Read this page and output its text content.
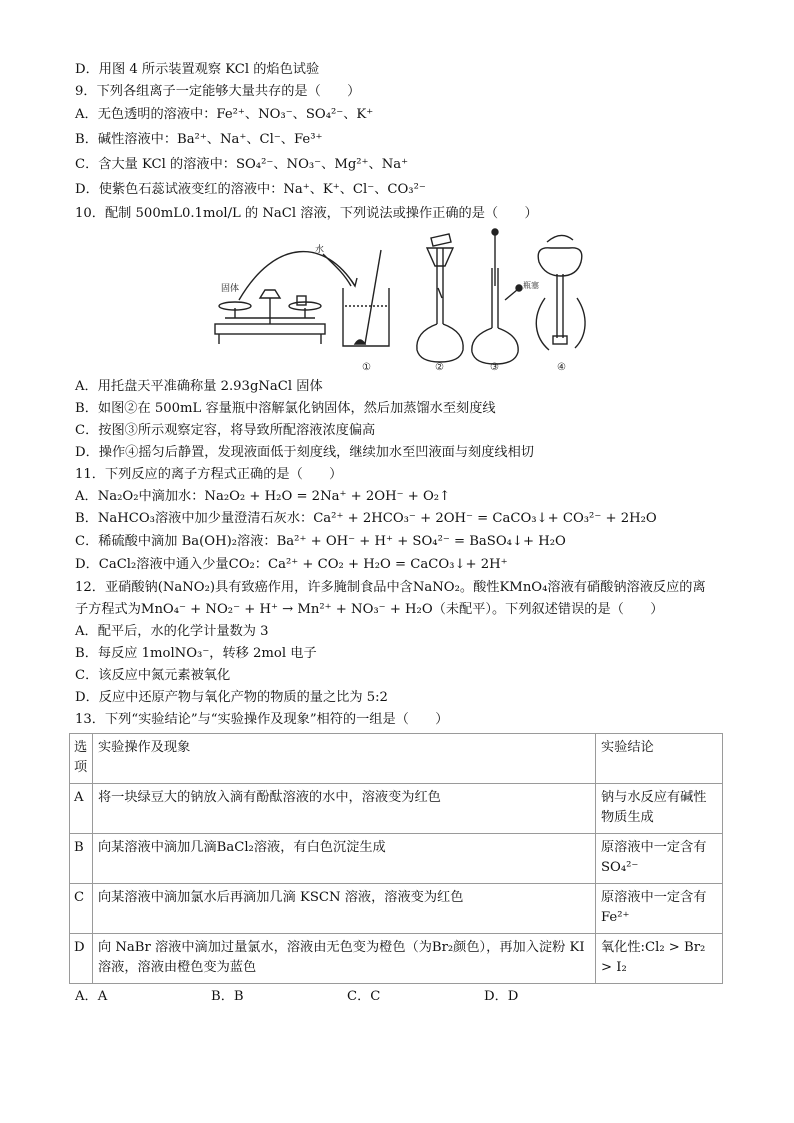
D．用图 4 所示装置观察 KCl 的焰色试验
9．下列各组离子一定能够大量共存的是（　　）
A．无色透明的溶液中：Fe²⁺、NO₃⁻、SO₄²⁻、K⁺
B．碱性溶液中：Ba²⁺、Na⁺、Cl⁻、Fe³⁺
C．含大量 KCl 的溶液中：SO₄²⁻、NO₃⁻、Mg²⁺、Na⁺
D．使紫色石蕊试液变红的溶液中：Na⁺、K⁺、Cl⁻、CO₃²⁻
10．配制 500mL0.1mol/L 的 NaCl 溶液，下列说法或操作正确的是（　　）
固体
水
瓶塞
①	②	③	④
A．用托盘天平准确称量 2.93gNaCl 固体
B．如图②在 500mL 容量瓶中溶解氯化钠固体，然后加蒸馏水至刻度线
C．按图③所示观察定容，将导致所配溶液浓度偏高
D．操作④摇匀后静置，发现液面低于刻度线，继续加水至凹液面与刻度线相切
11．下列反应的离子方程式正确的是（　　）
A．Na₂O₂中滴加水：Na₂O₂ + H₂O = 2Na⁺ + 2OH⁻ + O₂↑
B．NaHCO₃溶液中加少量澄清石灰水：Ca²⁺ + 2HCO₃⁻ + 2OH⁻ = CaCO₃↓+ CO₃²⁻ + 2H₂O
C．稀硫酸中滴加 Ba(OH)₂溶液：Ba²⁺ + OH⁻ + H⁺ + SO₄²⁻ = BaSO₄↓+ H₂O
D．CaCl₂溶液中通入少量CO₂：Ca²⁺ + CO₂ + H₂O = CaCO₃↓+ 2H⁺
12．亚硝酸钠(NaNO₂)具有致癌作用，许多腌制食品中含NaNO₂。酸性KMnO₄溶液有硝酸钠溶液反应的离
子方程式为MnO₄⁻ + NO₂⁻ + H⁺ → Mn²⁺ + NO₃⁻ + H₂O（未配平）。下列叙述错误的是（　　）
A．配平后，水的化学计量数为 3
B．每反应 1molNO₃⁻，转移 2mol 电子
C．该反应中氮元素被氧化
D．反应中还原产物与氧化产物的物质的量之比为 5:2
13．下列“实验结论”与“实验操作及现象”相符的一组是（　　）
选项	实验操作及现象	实验结论
A	将一块绿豆大的钠放入滴有酚酞溶液的水中，溶液变为红色	钠与水反应有碱性物质生成
B	向某溶液中滴加几滴BaCl₂溶液，有白色沉淀生成	原溶液中一定含有SO₄²⁻
C	向某溶液中滴加氯水后再滴加几滴 KSCN 溶液，溶液变为红色	原溶液中一定含有Fe²⁺
D	向 NaBr 溶液中滴加过量氯水，溶液由无色变为橙色（为Br₂颜色），再加入淀粉 KI 溶液，溶液由橙色变为蓝色	氧化性:Cl₂ > Br₂ > I₂
A．A	B．B	C．C	D．D
